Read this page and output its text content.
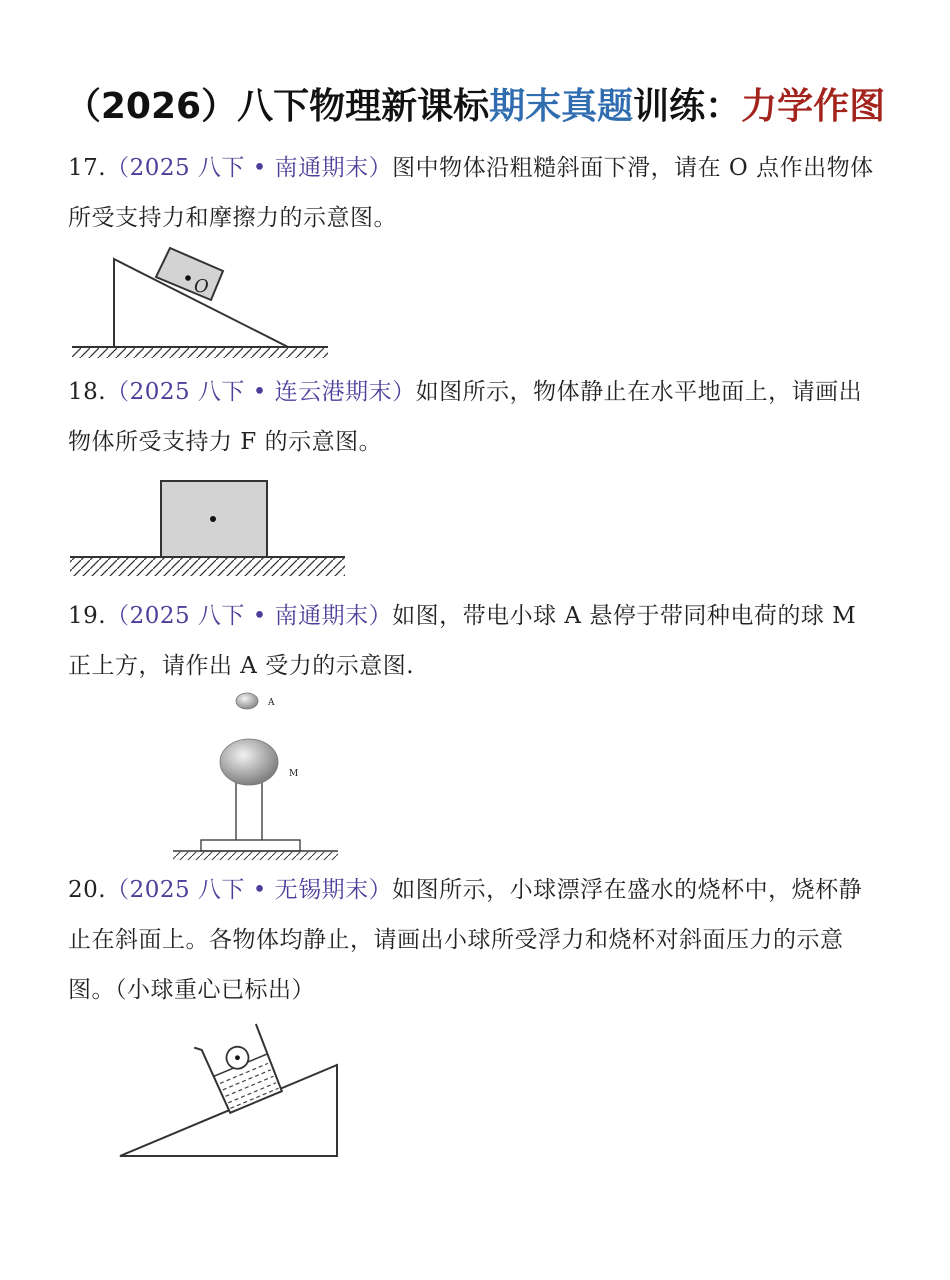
（2026）八下物理新课标期末真题训练：力学作图
17.（2025 八下 • 南通期末）图中物体沿粗糙斜面下滑，请在 O 点作出物体所受支持力和摩擦力的示意图。
O
18.（2025 八下 • 连云港期末）如图所示，物体静止在水平地面上，请画出物体所受支持力 F 的示意图。
19.（2025 八下 • 南通期末）如图，带电小球 A 悬停于带同种电荷的球 M 正上方，请作出 A 受力的示意图.
A
M
20.（2025 八下 • 无锡期末）如图所示，小球漂浮在盛水的烧杯中，烧杯静止在斜面上。各物体均静止，请画出小球所受浮力和烧杯对斜面压力的示意图。（小球重心已标出）
